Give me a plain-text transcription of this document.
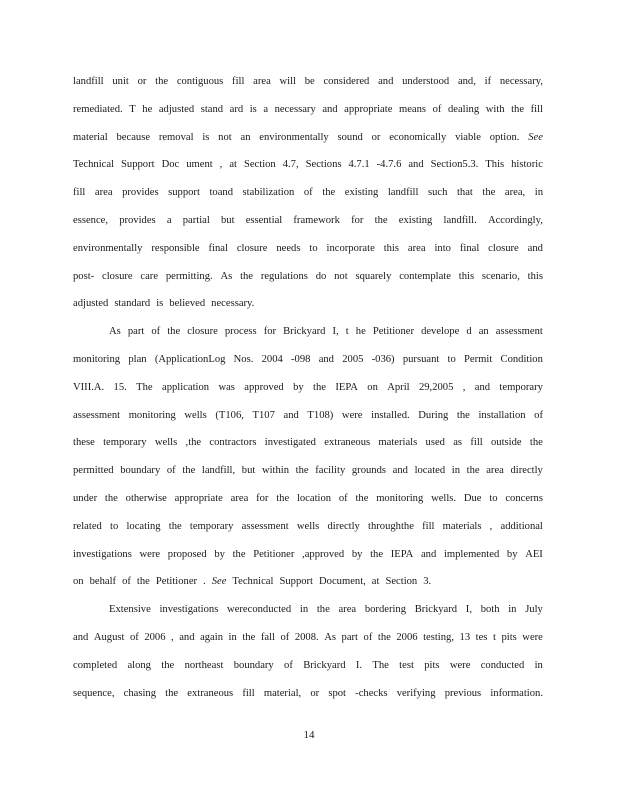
landfill unit or the contiguous fill area will be considered and understood and, if necessary,
remediated. T he adjusted stand ard is a necessary and appropriate means of dealing with the fill
material because removal is not an environmentally sound or economically viable option. See
Technical Support Doc ument , at Section 4.7, Sections 4.7.1 -4.7.6 and Section5.3. This historic
fill area provides support toand stabilization of the existing landfill such that the area, in
essence, provides a partial but essential framework for the existing landfill. Accordingly,
environmentally responsible final closure needs to incorporate this area into final closure and
post- closure care permitting. As the regulations do not squarely contemplate this scenario, this
adjusted standard is believed necessary.
As part of the closure process for Brickyard I, t he Petitioner develope d an assessment
monitoring plan (ApplicationLog Nos. 2004 -098 and 2005 -036) pursuant to Permit Condition
VIII.A. 15. The application was approved by the IEPA on April 29,2005 , and temporary
assessment monitoring wells (T106, T107 and T108) were installed. During the installation of
these temporary wells ,the contractors investigated extraneous materials used as fill outside the
permitted boundary of the landfill, but within the facility grounds and located in the area directly
under the otherwise appropriate area for the location of the monitoring wells. Due to concerns
related to locating the temporary assessment wells directly throughthe fill materials , additional
investigations were proposed by the Petitioner ,approved by the IEPA and implemented by AEI
on behalf of the Petitioner . See Technical Support Document, at Section 3.
Extensive investigations wereconducted in the area bordering Brickyard I, both in July
and August of 2006 , and again in the fall of 2008. As part of the 2006 testing, 13 tes t pits were
completed along the northeast boundary of Brickyard I. The test pits were conducted in
sequence, chasing the extraneous fill material, or spot -checks verifying previous information.
14
